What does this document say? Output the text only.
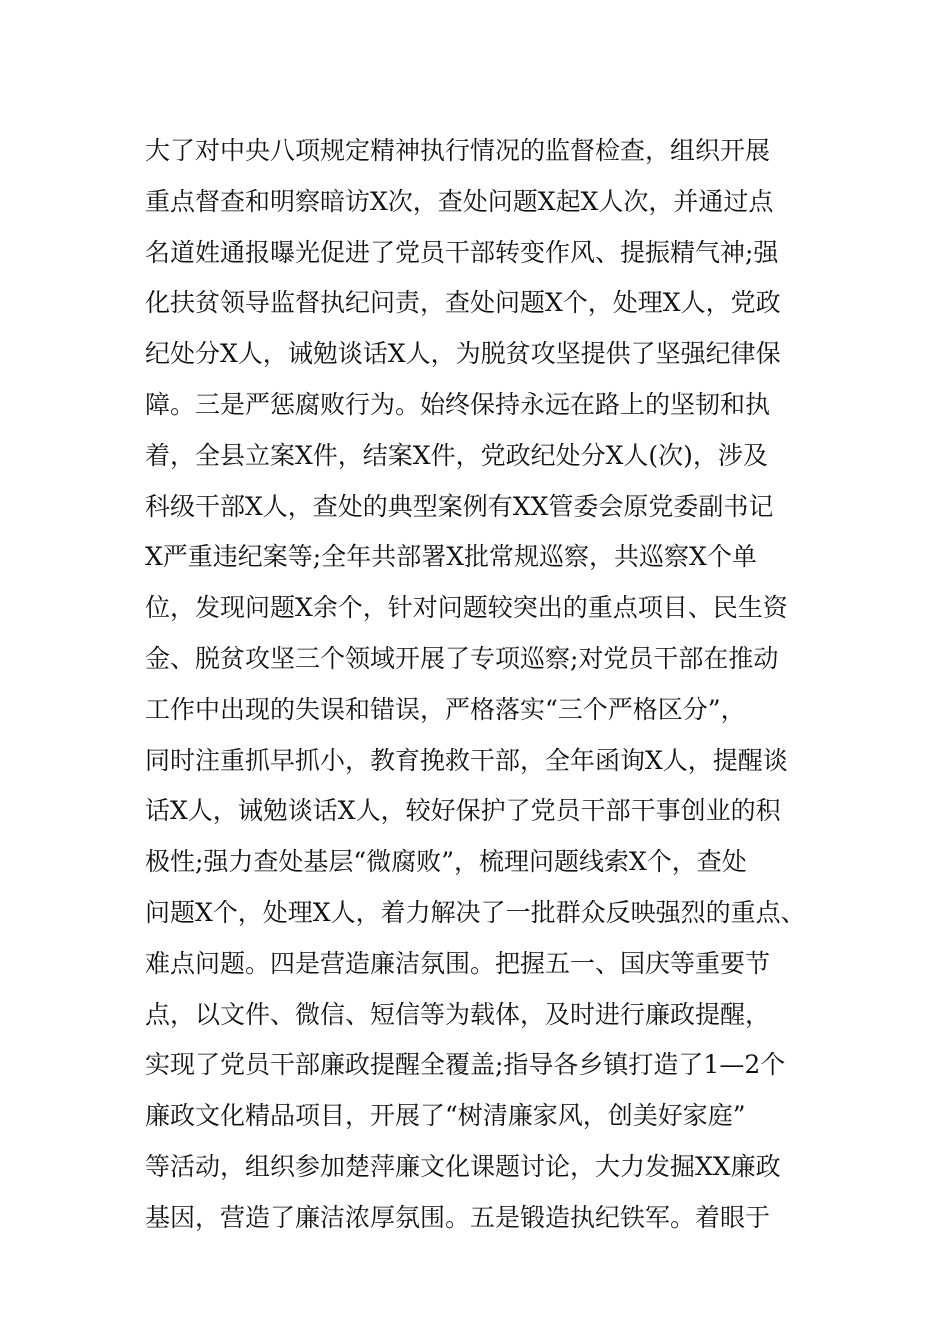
大了对中央八项规定精神执行情况的监督检查，组织开展
重点督查和明察暗访X次，查处问题X起X人次，并通过点
名道姓通报曝光促进了党员干部转变作风、提振精气神;强
化扶贫领导监督执纪问责，查处问题X个，处理X人，党政
纪处分X人，诫勉谈话X人，为脱贫攻坚提供了坚强纪律保
障。三是严惩腐败行为。始终保持永远在路上的坚韧和执
着，全县立案X件，结案X件，党政纪处分X人(次)，涉及
科级干部X人，查处的典型案例有XX管委会原党委副书记
X严重违纪案等;全年共部署X批常规巡察，共巡察X个单
位，发现问题X余个，针对问题较突出的重点项目、民生资
金、脱贫攻坚三个领域开展了专项巡察;对党员干部在推动
工作中出现的失误和错误，严格落实“三个严格区分”，
同时注重抓早抓小，教育挽救干部，全年函询X人，提醒谈
话X人，诫勉谈话X人，较好保护了党员干部干事创业的积
极性;强力查处基层“微腐败”，梳理问题线索X个，查处
问题X个，处理X人，着力解决了一批群众反映强烈的重点、
难点问题。四是营造廉洁氛围。把握五一、国庆等重要节
点，以文件、微信、短信等为载体，及时进行廉政提醒，
实现了党员干部廉政提醒全覆盖;指导各乡镇打造了1—2个
廉政文化精品项目，开展了“树清廉家风，创美好家庭”
等活动，组织参加楚萍廉文化课题讨论，大力发掘XX廉政
基因，营造了廉洁浓厚氛围。五是锻造执纪铁军。着眼于
